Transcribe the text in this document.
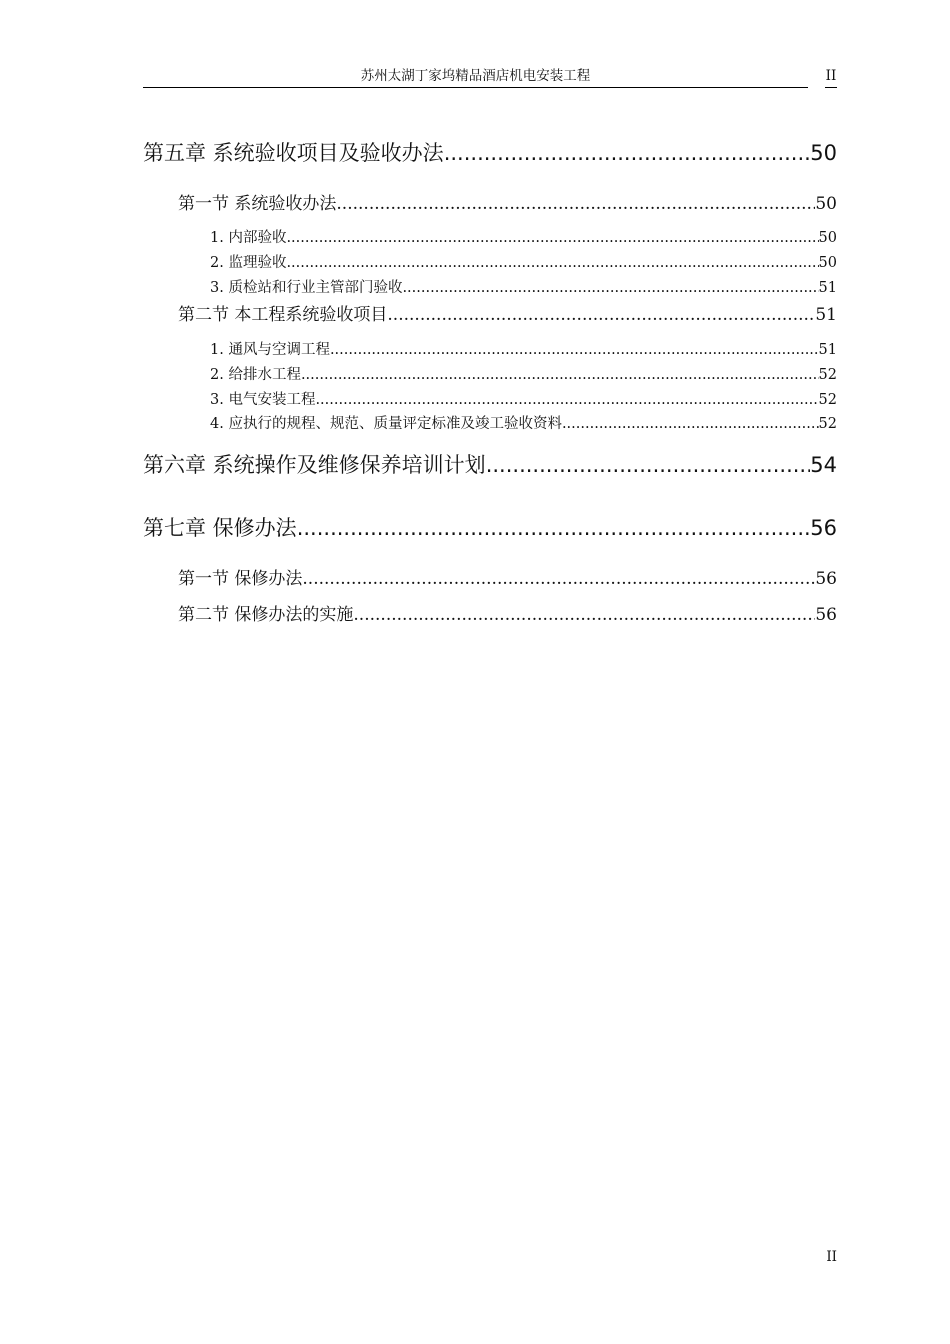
苏州太湖丁家坞精品酒店机电安装工程	II
第五章 系统验收项目及验收办法 .....	50
第一节 系统验收办法 .....	50
1. 内部验收 .....	50
2. 监理验收 .....	50
3. 质检站和行业主管部门验收 .....	51
第二节 本工程系统验收项目 .....	51
1. 通风与空调工程 .....	51
2. 给排水工程 .....	52
3. 电气安装工程 .....	52
4. 应执行的规程、规范、质量评定标准及竣工验收资料 .....	52
第六章 系统操作及维修保养培训计划 .....	54
第七章 保修办法 .....	56
第一节 保修办法 .....	56
第二节 保修办法的实施 .....	56
II
